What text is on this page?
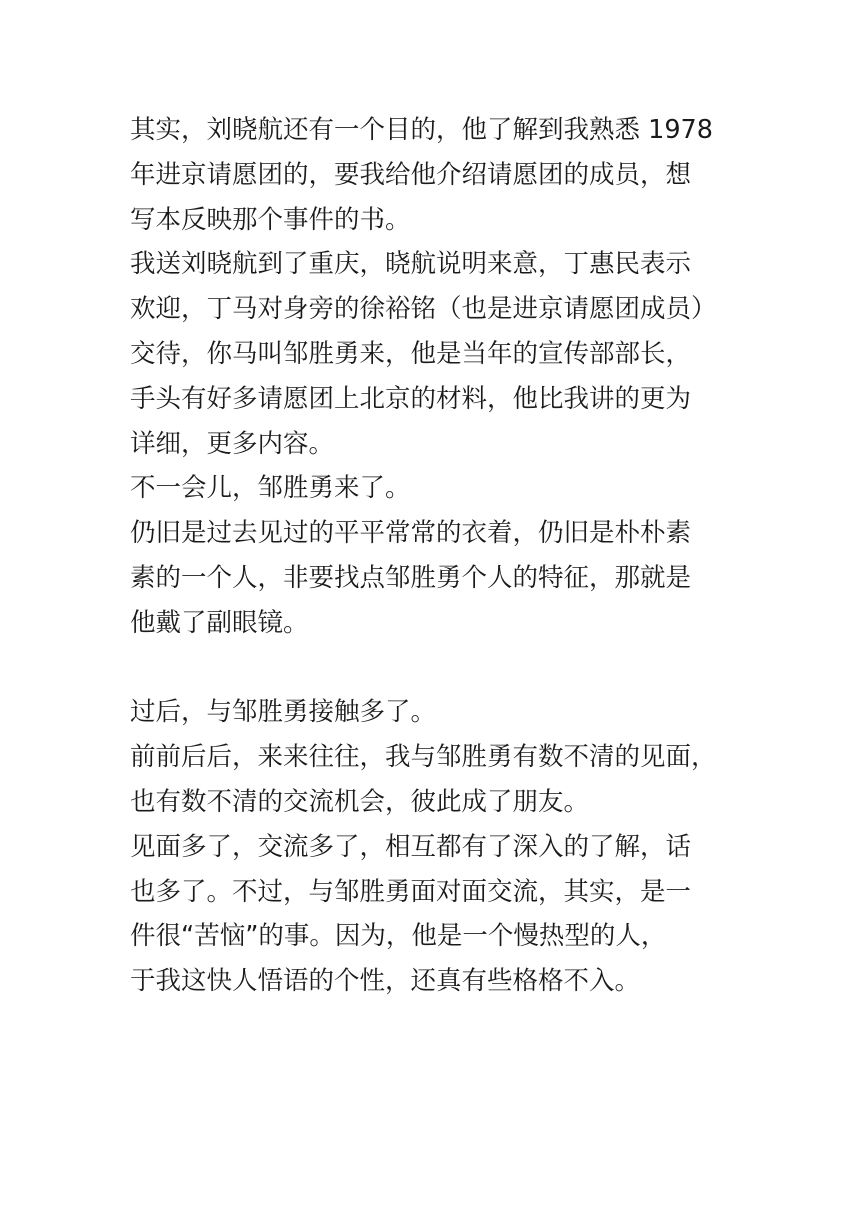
其实，刘晓航还有一个目的，他了解到我熟悉 1978
年进京请愿团的，要我给他介绍请愿团的成员，想
写本反映那个事件的书。
我送刘晓航到了重庆，晓航说明来意，丁惠民表示
欢迎，丁马对身旁的徐裕铭（也是进京请愿团成员）
交待，你马叫邹胜勇来，他是当年的宣传部部长，
手头有好多请愿团上北京的材料，他比我讲的更为
详细，更多内容。
不一会儿，邹胜勇来了。
仍旧是过去见过的平平常常的衣着，仍旧是朴朴素
素的一个人，非要找点邹胜勇个人的特征，那就是
他戴了副眼镜。
过后，与邹胜勇接触多了。
前前后后，来来往往，我与邹胜勇有数不清的见面，
也有数不清的交流机会，彼此成了朋友。
见面多了，交流多了，相互都有了深入的了解，话
也多了。不过，与邹胜勇面对面交流，其实，是一
件很“苦恼”的事。因为，他是一个慢热型的人，
于我这快人悟语的个性，还真有些格格不入。
